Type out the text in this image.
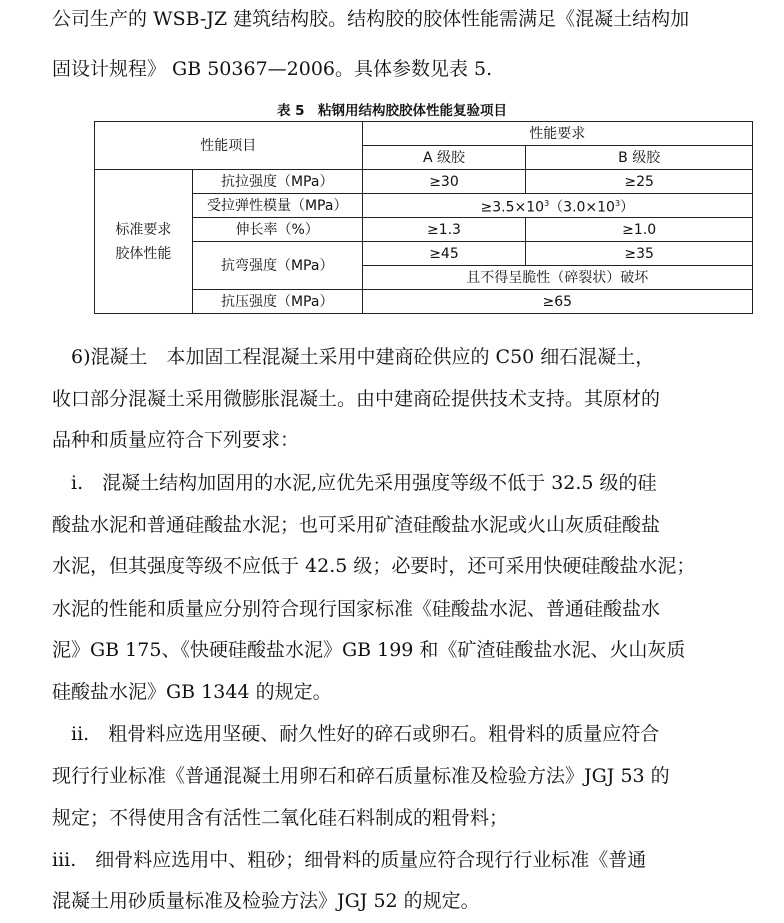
公司生产的 WSB-JZ 建筑结构胶。结构胶的胶体性能需满足《混凝土结构加
固设计规程》 GB 50367—2006。具体参数见表 5.
表 5　粘钢用结构胶胶体性能复验项目
性能项目		性能要求	
		A 级胶	B 级胶

标准要求
胶体性能	抗拉强度（MPa）	≥30	≥25
	受拉弹性模量（MPa）	$\ge 3.5\times 10^3(3.0\times 10^3)$	
	伸长率（%）	≥1.3	≥1.0
	抗弯强度（MPa）	≥45	≥35
		且不得呈脆性（碎裂状）破坏	
	抗压强度（MPa）	≥65	
　6)混凝土　本加固工程混凝土采用中建商砼供应的 C50 细石混凝土，
收口部分混凝土采用微膨胀混凝土。由中建商砼提供技术支持。其原材的
品种和质量应符合下列要求：
　i.　混凝土结构加固用的水泥,应优先采用强度等级不低于 32.5 级的硅
酸盐水泥和普通硅酸盐水泥；也可采用矿渣硅酸盐水泥或火山灰质硅酸盐
水泥，但其强度等级不应低于 42.5 级；必要时，还可采用快硬硅酸盐水泥；
水泥的性能和质量应分别符合现行国家标准《硅酸盐水泥、普通硅酸盐水
泥》GB 175、《快硬硅酸盐水泥》GB 199 和《矿渣硅酸盐水泥、火山灰质
硅酸盐水泥》GB 1344 的规定。
　ii.　粗骨料应选用坚硬、耐久性好的碎石或卵石。粗骨料的质量应符合
现行行业标准《普通混凝土用卵石和碎石质量标准及检验方法》JGJ 53 的
规定；不得使用含有活性二氧化硅石料制成的粗骨料；
iii.　细骨料应选用中、粗砂；细骨料的质量应符合现行行业标准《普通
混凝土用砂质量标准及检验方法》JGJ 52 的规定。
